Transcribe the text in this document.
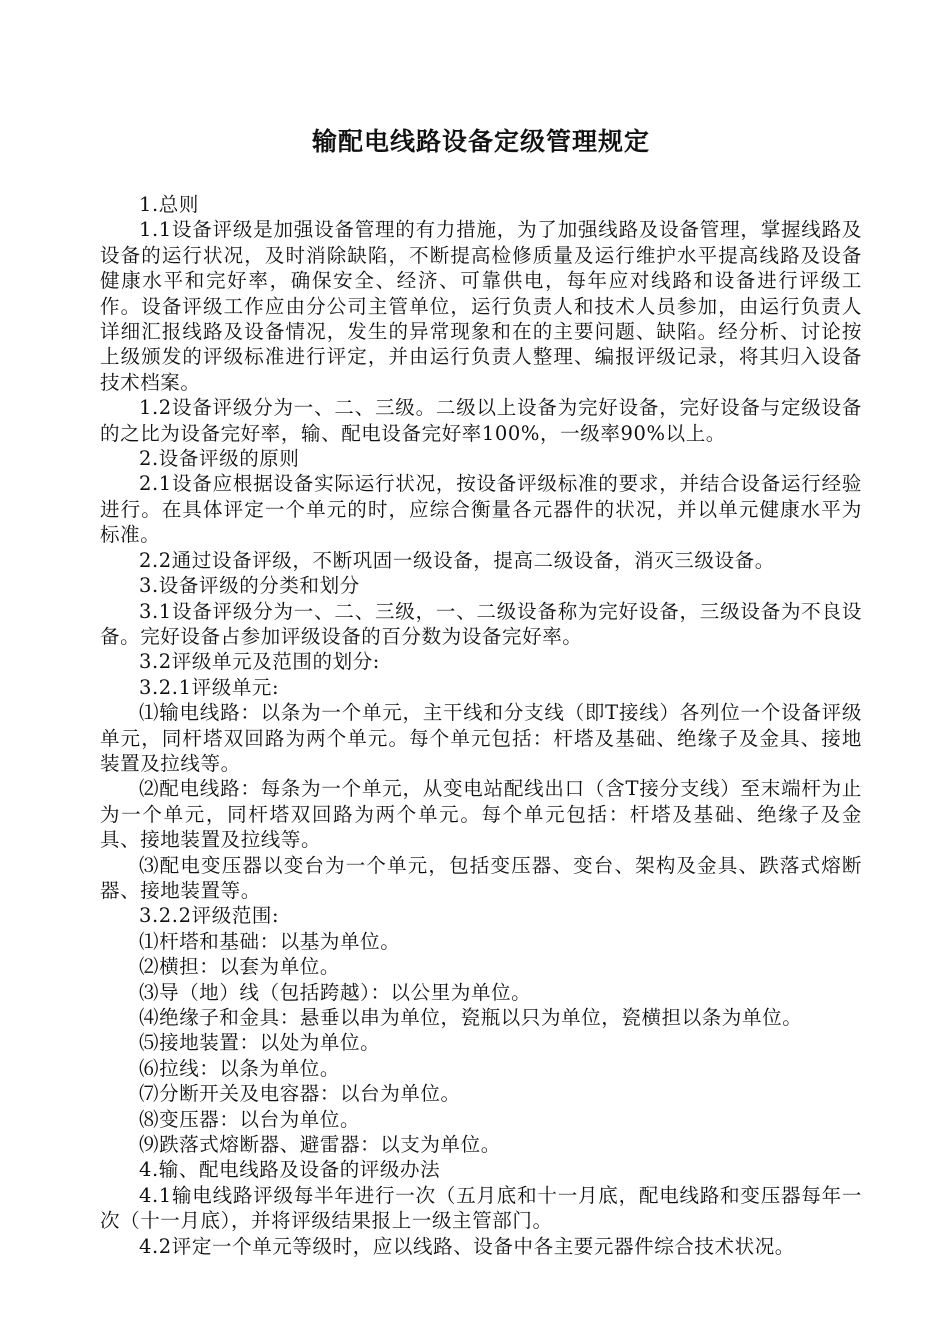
输配电线路设备定级管理规定

1.总则

1.1设备评级是加强设备管理的有力措施，为了加强线路及设备管理，掌握线路及设备的运行状况，及时消除缺陷，不断提高检修质量及运行维护水平提高线路及设备健康水平和完好率，确保安全、经济、可靠供电，每年应对线路和设备进行评级工作。设备评级工作应由分公司主管单位，运行负责人和技术人员参加，由运行负责人详细汇报线路及设备情况，发生的异常现象和在的主要问题、缺陷。经分析、讨论按上级颁发的评级标准进行评定，并由运行负责人整理、编报评级记录，将其归入设备技术档案。

1.2设备评级分为一、二、三级。二级以上设备为完好设备，完好设备与定级设备的之比为设备完好率，输、配电设备完好率100%，一级率90%以上。

2.设备评级的原则

2.1设备应根据设备实际运行状况，按设备评级标准的要求，并结合设备运行经验进行。在具体评定一个单元的时，应综合衡量各元器件的状况，并以单元健康水平为标准。

2.2通过设备评级，不断巩固一级设备，提高二级设备，消灭三级设备。

3.设备评级的分类和划分

3.1设备评级分为一、二、三级，一、二级设备称为完好设备，三级设备为不良设备。完好设备占参加评级设备的百分数为设备完好率。

3.2评级单元及范围的划分:

3.2.1评级单元:

⑴输电线路：以条为一个单元，主干线和分支线（即T接线）各列位一个设备评级单元，同杆塔双回路为两个单元。每个单元包括：杆塔及基础、绝缘子及金具、接地装置及拉线等。

⑵配电线路：每条为一个单元，从变电站配线出口（含T接分支线）至末端杆为止为一个单元，同杆塔双回路为两个单元。每个单元包括：杆塔及基础、绝缘子及金具、接地装置及拉线等。

⑶配电变压器以变台为一个单元，包括变压器、变台、架构及金具、跌落式熔断器、接地装置等。

3.2.2评级范围:

⑴杆塔和基础：以基为单位。

⑵横担：以套为单位。

⑶导（地）线（包括跨越）：以公里为单位。

⑷绝缘子和金具：悬垂以串为单位，瓷瓶以只为单位，瓷横担以条为单位。

⑸接地装置：以处为单位。

⑹拉线：以条为单位。

⑺分断开关及电容器：以台为单位。

⑻变压器：以台为单位。

⑼跌落式熔断器、避雷器：以支为单位。

4.输、配电线路及设备的评级办法

4.1输电线路评级每半年进行一次（五月底和十一月底，配电线路和变压器每年一次（十一月底），并将评级结果报上一级主管部门。

4.2评定一个单元等级时，应以线路、设备中各主要元器件综合技术状况。
